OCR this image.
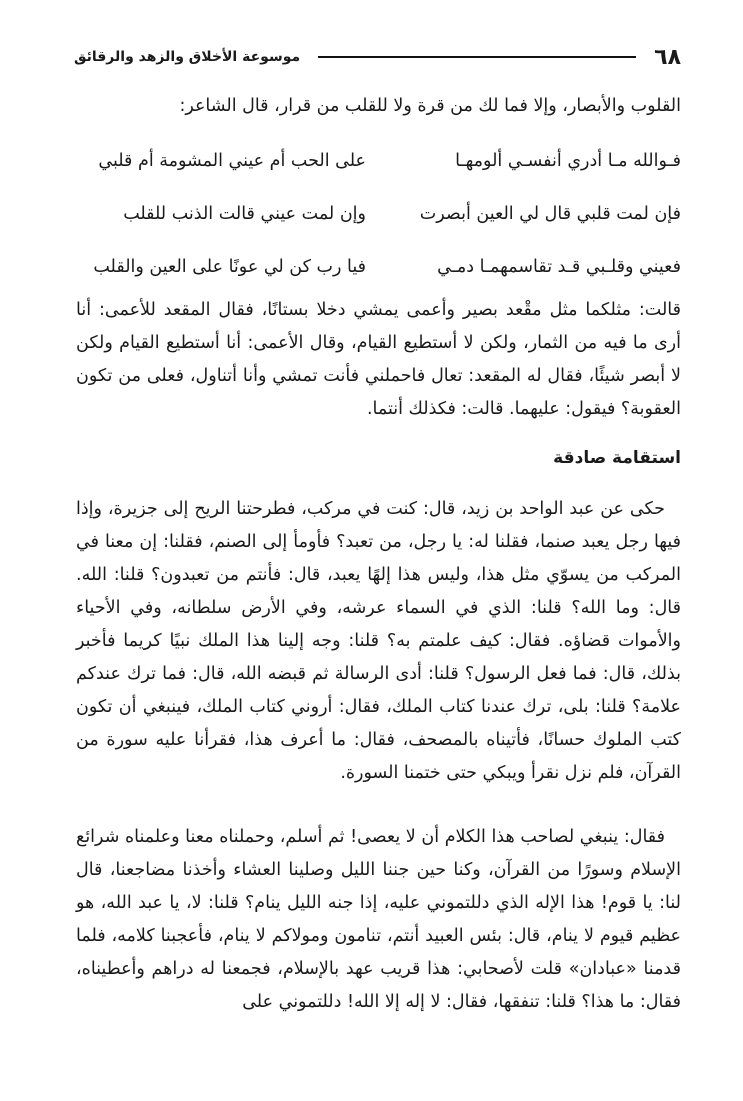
٦٨
موسوعة الأخلاق والزهد والرقائق
القلوب والأبصار، وإلا فما لك من قرة ولا للقلب من قرار، قال الشاعر:
فـوالله مـا أدري أنفسـي ألومهـا
على الحب أم عيني المشومة أم قلبي
فإن لمت قلبي قال لي العين أبصرت
وإن لمت عيني قالت الذنب للقلب
فعيني وقلـبي قـد تقاسمهمـا دمـي
فيا رب كن لي عونًا على العين والقلب
قالت: مثلكما مثل مقْعد بصير وأعمى يمشي دخلا بستانًا، فقال المقعد للأعمى: أنا أرى ما فيه من الثمار، ولكن لا أستطيع القيام، وقال الأعمى: أنا أستطيع القيام ولكن لا أبصر شيئًا، فقال له المقعد: تعال فاحملني فأنت تمشي وأنا أتناول، فعلى من تكون العقوبة؟ فيقول: عليهما. قالت: فكذلك أنتما.
استقامة صادقة
حكى عن عبد الواحد بن زيد، قال: كنت في مركب، فطرحتنا الريح إلى جزيرة، وإذا فيها رجل يعبد صنما، فقلنا له: يا رجل، من تعبد؟ فأومأ إلى الصنم، فقلنا: إن معنا في المركب من يسوّي مثل هذا، وليس هذا إلهًا يعبد، قال: فأنتم من تعبدون؟ قلنا: الله. قال: وما الله؟ قلنا: الذي في السماء عرشه، وفي الأرض سلطانه، وفي الأحياء والأموات قضاؤه. فقال: كيف علمتم به؟ قلنا: وجه إلينا هذا الملك نبيًا كريما فأخبر بذلك، قال: فما فعل الرسول؟ قلنا: أدى الرسالة ثم قبضه الله، قال: فما ترك عندكم علامة؟ قلنا: بلى، ترك عندنا كتاب الملك، فقال: أروني كتاب الملك، فينبغي أن تكون كتب الملوك حسانًا، فأتيناه بالمصحف، فقال: ما أعرف هذا، فقرأنا عليه سورة من القرآن، فلم نزل نقرأ ويبكي حتى ختمنا السورة.
فقال: ينبغي لصاحب هذا الكلام أن لا يعصى! ثم أسلم، وحملناه معنا وعلمناه شرائع الإسلام وسورًا من القرآن، وكنا حين جننا الليل وصلينا العشاء وأخذنا مضاجعنا، قال لنا: يا قوم! هذا الإله الذي دللتموني عليه، إذا جنه الليل ينام؟ قلنا: لا، يا عبد الله، هو عظيم قيوم لا ينام، قال: بئس العبيد أنتم، تنامون ومولاكم لا ينام، فأعجبنا كلامه، فلما قدمنا «عبادان» قلت لأصحابي: هذا قريب عهد بالإسلام، فجمعنا له دراهم وأعطيناه، فقال: ما هذا؟ قلنا: تنفقها، فقال: لا إله إلا الله! دللتموني على
